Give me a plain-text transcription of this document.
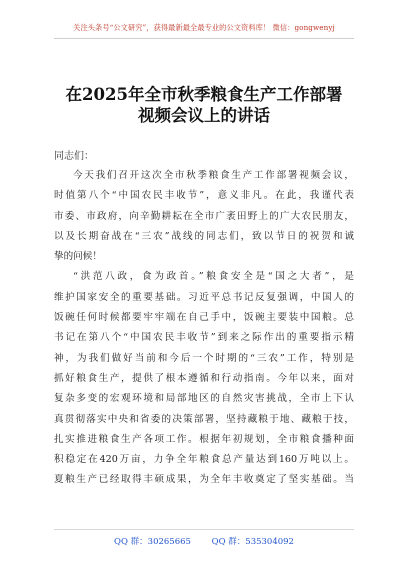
关注头条号“公文研究”，获得最新最全最专业的公文资料库！ 微信：gongwenyj
在2025年全市秋季粮食生产工作部署
视频会议上的讲话
同志们：
今天我们召开这次全市秋季粮食生产工作部署视频会议，
时值第八个“中国农民丰收节”，意义非凡。在此，我谨代表
市委、市政府，向辛勤耕耘在全市广袤田野上的广大农民朋友，
以及长期奋战在“三农”战线的同志们，致以节日的祝贺和诚
挚的问候！
“洪范八政，食为政首。”粮食安全是“国之大者”，是
维护国家安全的重要基础。习近平总书记反复强调，中国人的
饭碗任何时候都要牢牢端在自己手中，饭碗主要装中国粮。总
书记在第八个“中国农民丰收节”到来之际作出的重要指示精
神，为我们做好当前和今后一个时期的“三农”工作，特别是
抓好粮食生产，提供了根本遵循和行动指南。今年以来，面对
复杂多变的宏观环境和局部地区的自然灾害挑战，全市上下认
真贯彻落实中央和省委的决策部署，坚持藏粮于地、藏粮于技，
扎实推进粮食生产各项工作。根据年初规划，全市粮食播种面
积稳定在420万亩，力争全年粮食总产量达到160万吨以上。
夏粮生产已经取得丰硕成果，为全年丰收奠定了坚实基础。当
QQ 群：30265665 QQ 群：535304092
